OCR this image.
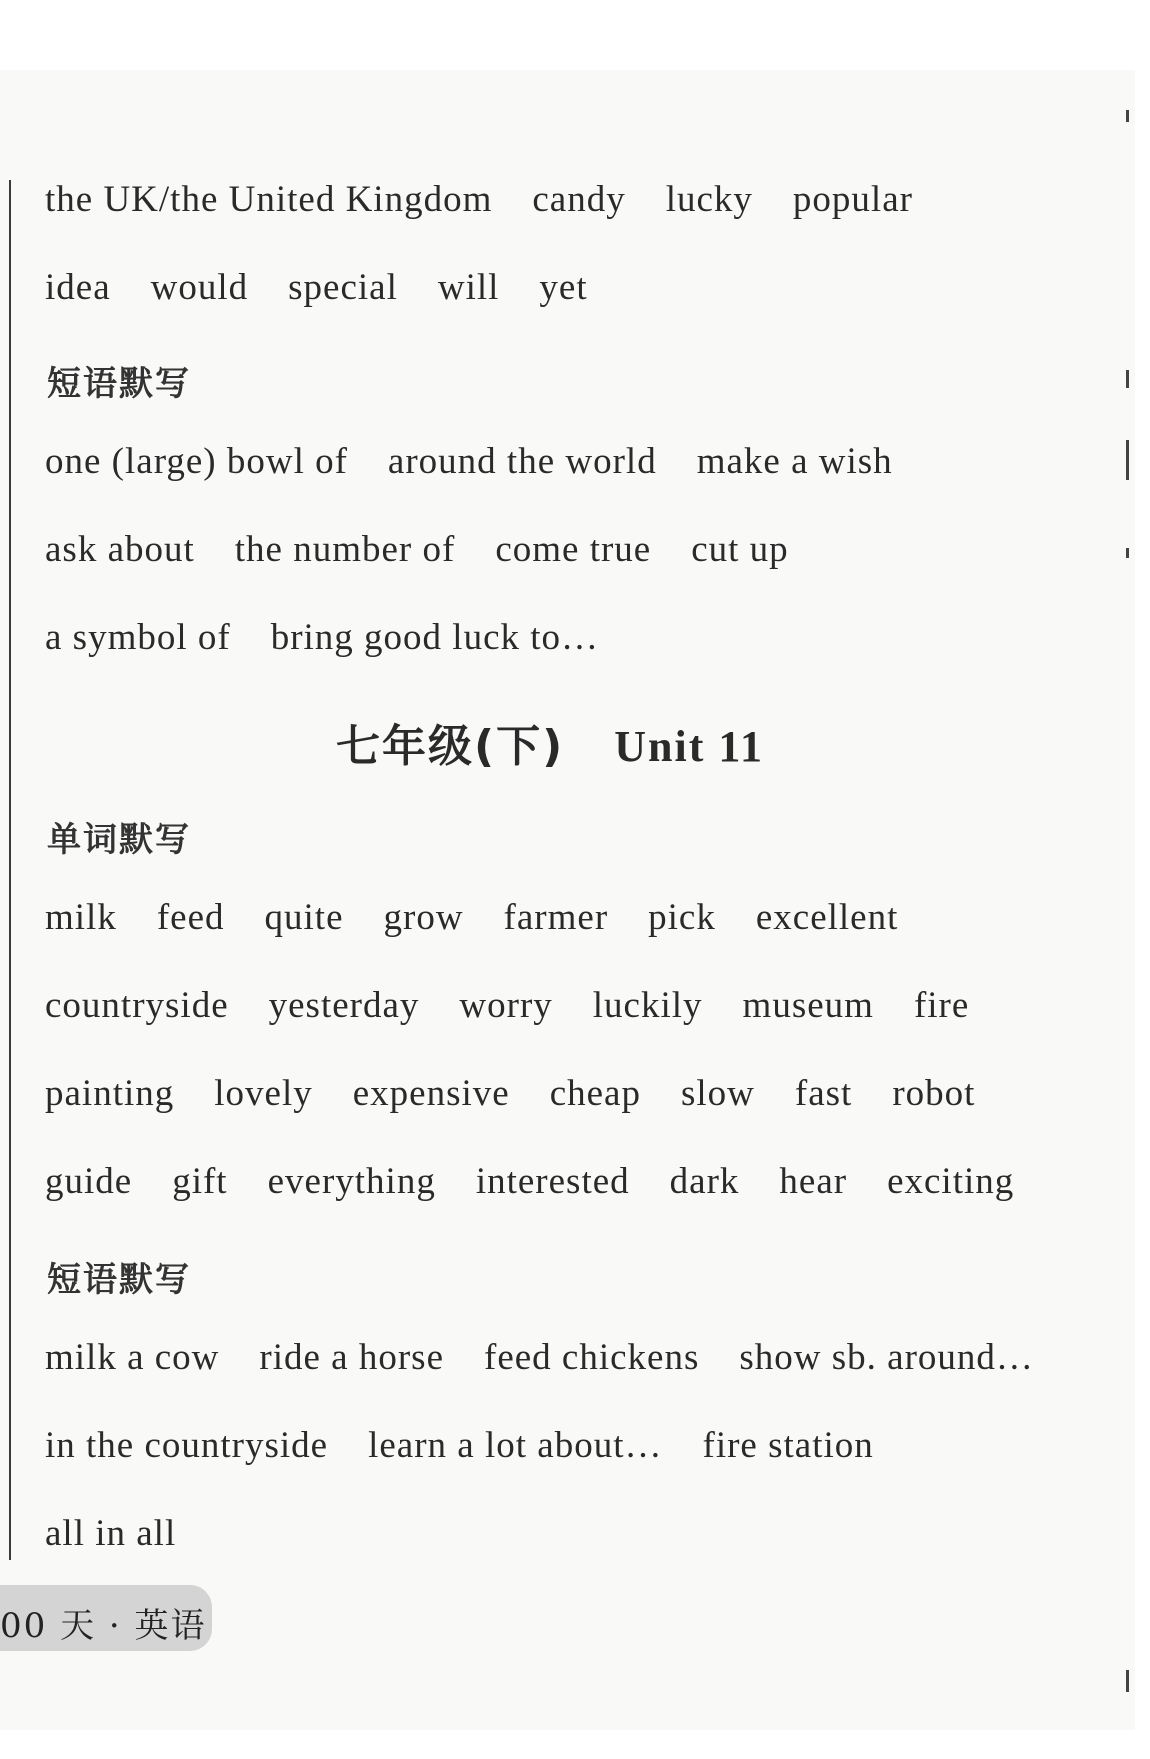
the UK/the United Kingdom candy lucky popular
idea would special will yet
短语默写
one (large) bowl of around the world make a wish
ask about the number of come true cut up
a symbol of bring good luck to…
七年级(下) Unit 11
单词默写
milk feed quite grow farmer pick excellent
countryside yesterday worry luckily museum fire
painting lovely expensive cheap slow fast robot
guide gift everything interested dark hear exciting
短语默写
milk a cow ride a horse feed chickens show sb. around…
in the countryside learn a lot about… fire station
all in all
00 天 · 英语
